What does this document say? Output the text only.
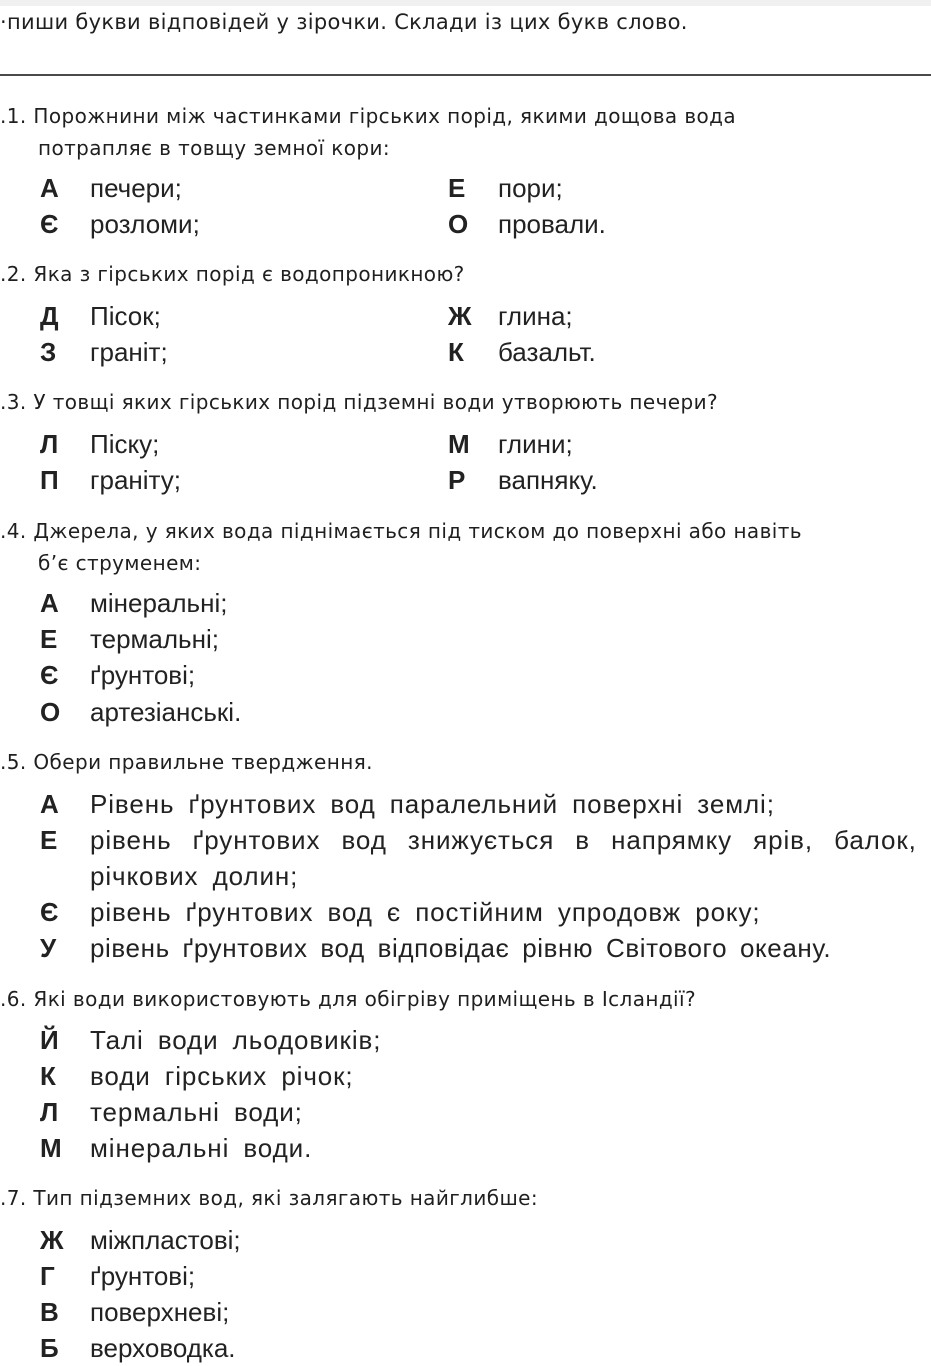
·пиши букви відповідей у зірочки. Склади із цих букв слово.
.1. Порожнини між частинками гірських порід, якими дощова вода
потрапляє в товщу земної кори:
А печери;	Е пори;
Є розломи;	О провали.
.2. Яка з гірських порід є водопроникною?
Д Пісок;	Ж глина;
З граніт;	К базальт.
.3. У товщі яких гірських порід підземні води утворюють печери?
Л Піску;	М глини;
П граніту;	Р вапняку.
.4. Джерела, у яких вода піднімається під тиском до поверхні або навіть
б’є струменем:
А мінеральні;
Е термальні;
Є ґрунтові;
О артезіанські.
.5. Обери правильне твердження.
А Рівень ґрунтових вод паралельний поверхні землі;
Е рівень ґрунтових вод знижується в напрямку ярів, балок,
річкових долин;
Є рівень ґрунтових вод є постійним упродовж року;
У рівень ґрунтових вод відповідає рівню Світового океану.
.6. Які води використовують для обігріву приміщень в Ісландії?
Й Талі води льодовиків;
К води гірських річок;
Л термальні води;
М мінеральні води.
.7. Тип підземних вод, які залягають найглибше:
Ж міжпластові;
Г ґрунтові;
В поверхневі;
Б верховодка.
